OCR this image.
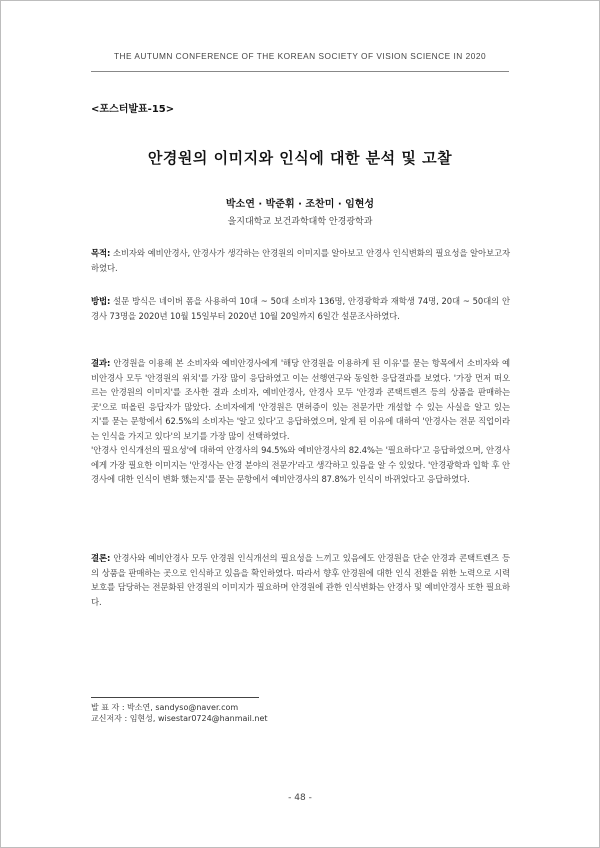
THE AUTUMN CONFERENCE OF THE KOREAN SOCIETY OF VISION SCIENCE IN 2020
<포스터발표-15>
안경원의 이미지와 인식에 대한 분석 및 고찰
박소연 · 박준휘 · 조찬미 · 임현성
을지대학교 보건과학대학 안경광학과
목적: 소비자와 예비안경사, 안경사가 생각하는 안경원의 이미지를 알아보고 안경사 인식변화의 필요성을 알아보고자 하였다.
방법: 설문 방식은 네이버 폼을 사용하여 10대 ~ 50대 소비자 136명, 안경광학과 재학생 74명, 20대 ~ 50대의 안경사 73명을 2020년 10월 15일부터 2020년 10월 20일까지 6일간 설문조사하였다.
결과: 안경원을 이용해 본 소비자와 예비안경사에게 '해당 안경원을 이용하게 된 이유'를 묻는 항목에서 소비자와 예비안경사 모두 '안경원의 위치'를 가장 많이 응답하였고 이는 선행연구와 동일한 응답결과를 보였다. '가장 먼저 떠오르는 안경원의 이미지'를 조사한 결과 소비자, 예비안경사, 안경사 모두 '안경과 콘택트렌즈 등의 상품을 판매하는 곳'으로 떠올린 응답자가 많았다. 소비자에게 '안경원은 면허증이 있는 전문가만 개설할 수 있는 사실을 알고 있는지'를 묻는 문항에서 62.5%의 소비자는 '알고 있다'고 응답하였으며, 알게 된 이유에 대하여 '안경사는 전문 직업이라는 인식을 가지고 있다'의 보기를 가장 많이 선택하였다.
'안경사 인식개선의 필요성'에 대하여 안경사의 94.5%와 예비안경사의 82.4%는 '필요하다'고 응답하였으며, 안경사에게 가장 필요한 이미지는 '안경사는 안경 분야의 전문가'라고 생각하고 있음을 알 수 있었다. '안경광학과 입학 후 안경사에 대한 인식이 변화 했는지'를 묻는 문항에서 예비안경사의 87.8%가 인식이 바뀌었다고 응답하였다.
결론: 안경사와 예비안경사 모두 안경원 인식개선의 필요성을 느끼고 있음에도 안경원을 단순 안경과 콘택트렌즈 등의 상품을 판매하는 곳으로 인식하고 있음을 확인하였다. 따라서 향후 안경원에 대한 인식 전환을 위한 노력으로 시력보호를 담당하는 전문화된 안경원의 이미지가 필요하며 안경원에 관한 인식변화는 안경사 및 예비안경사 또한 필요하다.
발 표 자 : 박소연, sandyso@naver.com
교신저자 : 임현성, wisestar0724@hanmail.net
- 48 -
